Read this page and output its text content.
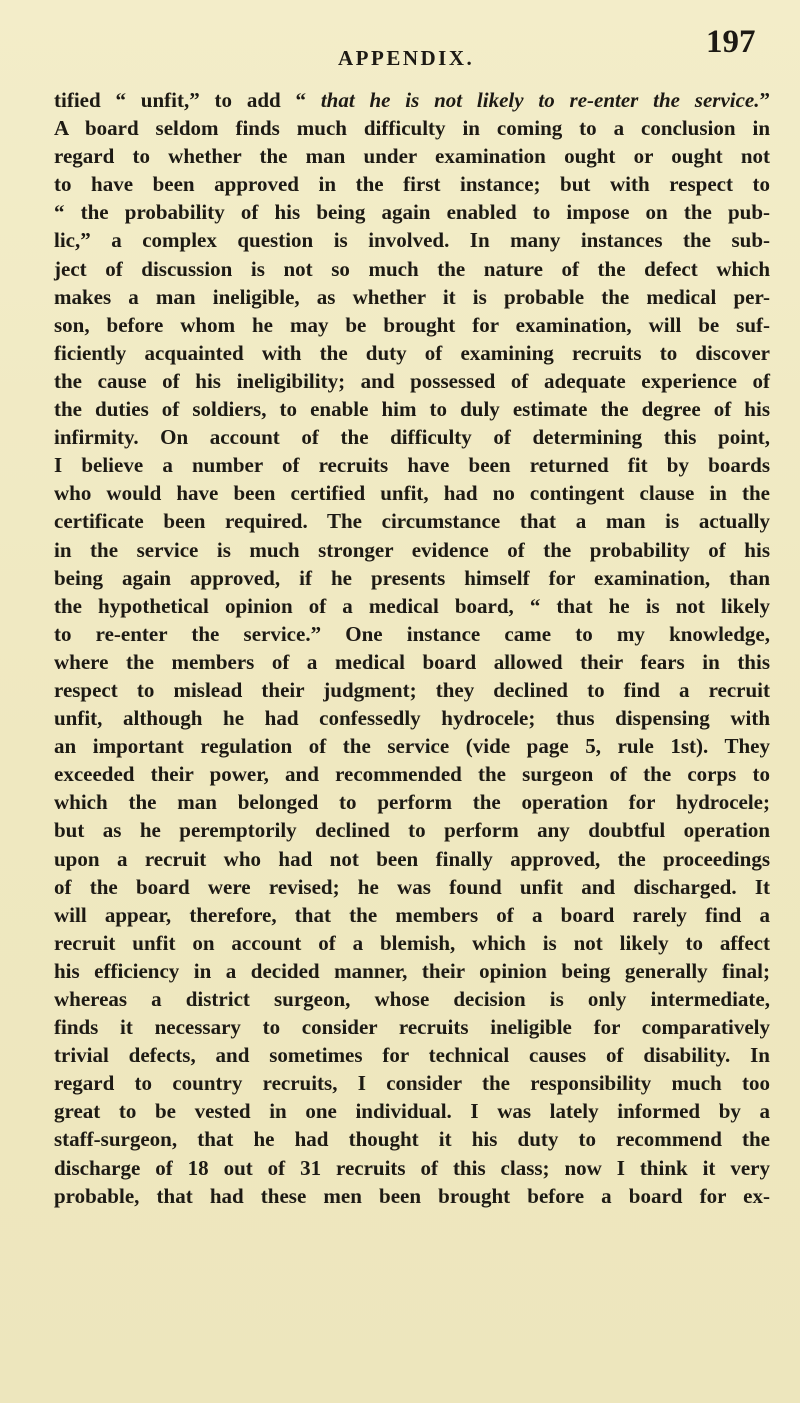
APPENDIX.	197
tified “ unfit,” to add “ that he is not likely to re-enter the service.”
A board seldom finds much difficulty in coming to a conclusion in
regard to whether the man under examination ought or ought not
to have been approved in the first instance; but with respect to
“ the probability of his being again enabled to impose on the pub-
lic,” a complex question is involved. In many instances the sub-
ject of discussion is not so much the nature of the defect which
makes a man ineligible, as whether it is probable the medical per-
son, before whom he may be brought for examination, will be suf-
ficiently acquainted with the duty of examining recruits to discover
the cause of his ineligibility; and possessed of adequate experience of
the duties of soldiers, to enable him to duly estimate the degree of his
infirmity. On account of the difficulty of determining this point,
I believe a number of recruits have been returned fit by boards
who would have been certified unfit, had no contingent clause in the
certificate been required. The circumstance that a man is actually
in the service is much stronger evidence of the probability of his
being again approved, if he presents himself for examination, than
the hypothetical opinion of a medical board, “ that he is not likely
to re-enter the service.” One instance came to my knowledge,
where the members of a medical board allowed their fears in this
respect to mislead their judgment; they declined to find a recruit
unfit, although he had confessedly hydrocele; thus dispensing with
an important regulation of the service (vide page 5, rule 1st). They
exceeded their power, and recommended the surgeon of the corps to
which the man belonged to perform the operation for hydrocele;
but as he peremptorily declined to perform any doubtful operation
upon a recruit who had not been finally approved, the proceedings
of the board were revised; he was found unfit and discharged. It
will appear, therefore, that the members of a board rarely find a
recruit unfit on account of a blemish, which is not likely to affect
his efficiency in a decided manner, their opinion being generally final;
whereas a district surgeon, whose decision is only intermediate,
finds it necessary to consider recruits ineligible for comparatively
trivial defects, and sometimes for technical causes of disability. In
regard to country recruits, I consider the responsibility much too
great to be vested in one individual. I was lately informed by a
staff-surgeon, that he had thought it his duty to recommend the
discharge of 18 out of 31 recruits of this class; now I think it very
probable, that had these men been brought before a board for ex-
